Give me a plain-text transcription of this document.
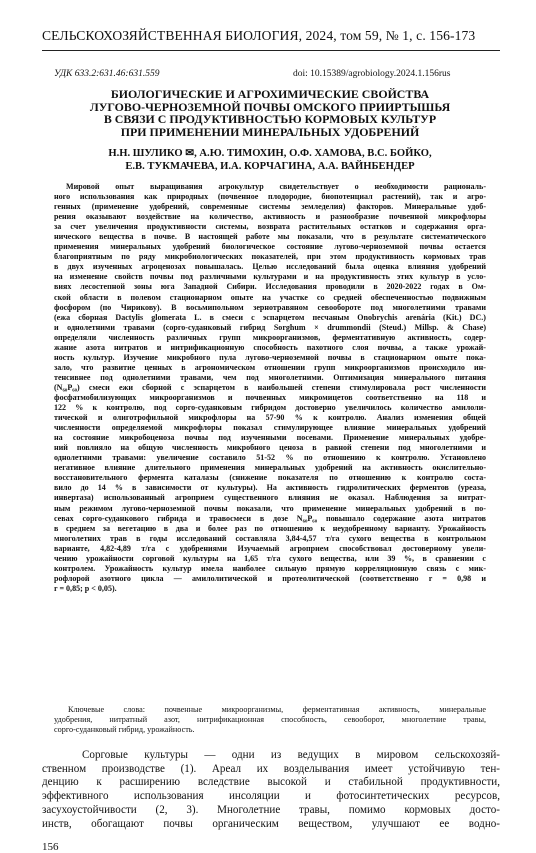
СЕЛЬСКОХОЗЯЙСТВЕННАЯ БИОЛОГИЯ, 2024, том 59, № 1, с. 156-173
УДК 633.2:631.46:631.559	doi: 10.15389/agrobiology.2024.1.156rus
БИОЛОГИЧЕСКИЕ И АГРОХИМИЧЕСКИЕ СВОЙСТВА
ЛУГОВО-ЧЕРНОЗЕМНОЙ ПОЧВЫ ОМСКОГО ПРИИРТЫШЬЯ
В СВЯЗИ С ПРОДУКТИВНОСТЬЮ КОРМОВЫХ КУЛЬТУР
ПРИ ПРИМЕНЕНИИ МИНЕРАЛЬНЫХ УДОБРЕНИЙ
Н.Н. ШУЛИКО ✉, А.Ю. ТИМОХИН, О.Ф. ХАМОВА, В.С. БОЙКО,
Е.В. ТУКМАЧЕВА, И.А. КОРЧАГИНА, А.А. ВАЙНБЕНДЕР
Мировой опыт выращивания агрокультур свидетельствует о необходимости рациональ-
ного использования как природных (почвенное плодородие, биопотенциал растений), так и агро-
генных (применение удобрений, современные системы земледелия) факторов. Минеральные удоб-
рения оказывают воздействие на количество, активность и разнообразие почвенной микрофлоры
за счет увеличения продуктивности системы, возврата растительных остатков и содержания орга-
нического вещества в почве. В настоящей работе мы показали, что в результате систематического
применения минеральных удобрений биологическое состояние лугово-черноземной почвы остается
благоприятным по ряду микробиологических показателей, при этом продуктивность кормовых трав
в двух изученных агроценозах повышалась. Целью исследований была оценка влияния удобрений
на изменение свойств почвы под различными культурами и на продуктивность этих культур в усло-
виях лесостепной зоны юга Западной Сибири. Исследования проводили в 2020-2022 годах в Ом-
ской области в полевом стационарном опыте на участке со средней обеспеченностью подвижным
фосфором (по Чирикову). В восьмипольном зернотравяном севообороте под многолетними травами
(ежа сборная Dactylis glomerata L. в смеси с эспарцетом песчаным Onobrychis arenária (Kit.) DC.)
и однолетними травами (сорго-суданковый гибрид Sorghum × drummondii (Steud.) Millsp. & Chase)
определяли численность различных групп микроорганизмов, ферментативную активность, содер-
жание азота нитратов и нитрификационную способность пахотного слоя почвы, а также урожай-
ность культур. Изучение микробного пула лугово-черноземной почвы в стационарном опыте пока-
зало, что развитие ценных в агрономическом отношении групп микроорганизмов происходило ин-
тенсивнее под однолетними травами, чем под многолетними. Оптимизация минерального питания
(N₆₀P₆₀) смеси ежи сборной с эспарцетом в наибольшей степени стимулировала рост численности
фосфатмобилизующих микроорганизмов и почвенных микромицетов соответственно на 118 и
122 % к контролю, под сорго-суданковым гибридом достоверно увеличилось количество амилоли-
тической и олиготрофильной микрофлоры на 57-90 % к контролю. Анализ изменения общей
численности определяемой микрофлоры показал стимулирующее влияние минеральных удобрений
на состояние микробоценоза почвы под изученными посевами. Применение минеральных удобре-
ний повлияло на общую численность микробного ценоза в равной степени под многолетними и
однолетними травами: увеличение составило 51-52 % по отношению к контролю. Установлено
негативное влияние длительного применения минеральных удобрений на активность окислительно-
восстановительного фермента каталазы (снижение показателя по отношению к контролю соста-
вило до 14 % в зависимости от культуры). На активность гидролитических ферментов (уреаза,
инвертаза) использованный агроприем существенного влияния не оказал. Наблюдения за нитрат-
ным режимом лугово-черноземной почвы показали, что применение минеральных удобрений в по-
севах сорго-суданкового гибрида и травосмеси в дозе N₆₀P₆₀ повышало содержание азота нитратов
в среднем за вегетацию в два и более раз по отношению к неудобренному варианту. Урожайность
многолетних трав в годы исследований составляла 3,84-4,57 т/га сухого вещества в контрольном
варианте, 4,82-4,89 т/га с удобрениями Изучаемый агроприем способствовал достоверному увели-
чению урожайности сорговой культуры на 1,65 т/га сухого вещества, или 39 %, в сравнении с
контролем. Урожайность культур имела наиболее сильную прямую корреляционную связь с мик-
рофлорой азотного цикла — амилолитической и протеолитической (соответственно r = 0,98 и
r = 0,85; p < 0,05).
Ключевые слова: почвенные микроорганизмы, ферментативная активность, минеральные
удобрения, нитратный азот, нитрификационная способность, севооборот, многолетние травы,
сорго-суданковый гибрид, урожайность.
Сорговые культуры — одни из ведущих в мировом сельскохозяй-
ственном производстве (1). Ареал их возделывания имеет устойчивую тен-
денцию к расширению вследствие высокой и стабильной продуктивности,
эффективного использования инсоляции и фотосинтетических ресурсов,
засухоустойчивости (2, 3). Многолетние травы, помимо кормовых досто-
инств, обогащают почвы органическим веществом, улучшают ее водно-
156
